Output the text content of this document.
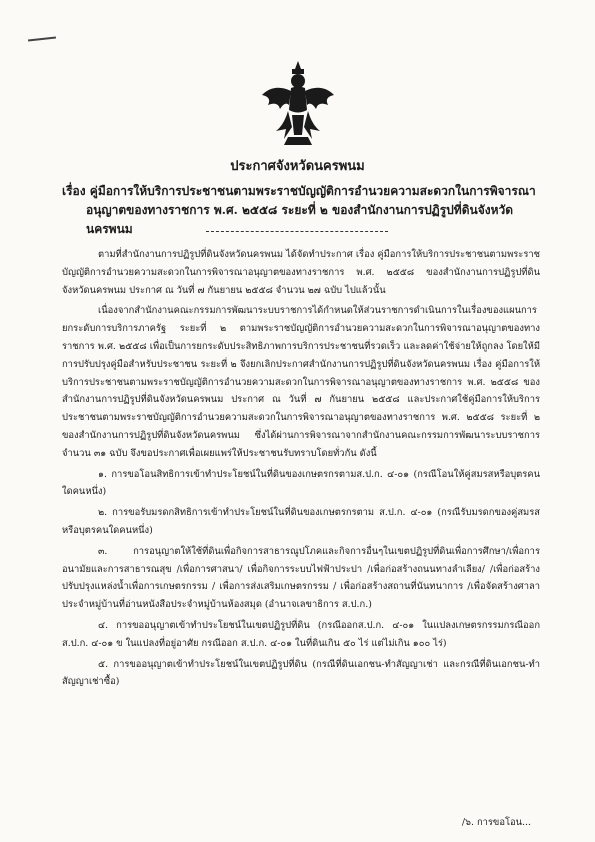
ประกาศจังหวัดนครพนม
เรื่อง คู่มือการให้บริการประชาชนตามพระราชบัญญัติการอำนวยความสะดวกในการพิจารณา
อนุญาตของทางราชการ พ.ศ. ๒๕๕๘ ระยะที่ ๒ ของสำนักงานการปฏิรูปที่ดินจังหวัดนครพนม

ตามที่สำนักงานการปฏิรูปที่ดินจังหวัดนครพนม ได้จัดทำประกาศ เรื่อง คู่มือการให้บริการประชาชนตามพระราชบัญญัติการอำนวยความสะดวกในการพิจารณาอนุญาตของทางราชการ พ.ศ. ๒๕๕๘ ของสำนักงานการปฏิรูปที่ดินจังหวัดนครพนม ประกาศ ณ วันที่ ๗ กันยายน ๒๕๕๘ จำนวน ๒๗ ฉบับ ไปแล้วนั้น

เนื่องจากสำนักงานคณะกรรมการพัฒนาระบบราชการได้กำหนดให้ส่วนราชการดำเนินการในเรื่องของแผนการยกระดับการบริการภาครัฐ ระยะที่ ๒ ตามพระราชบัญญัติการอำนวยความสะดวกในการพิจารณาอนุญาตของทางราชการ พ.ศ. ๒๕๕๘ เพื่อเป็นการยกระดับประสิทธิภาพการบริการประชาชนที่รวดเร็ว และลดค่าใช้จ่ายให้ถูกลง โดยให้มีการปรับปรุงคู่มือสำหรับประชาชน ระยะที่ ๒ จึงยกเลิกประกาศสำนักงานการปฏิรูปที่ดินจังหวัดนครพนม เรื่อง คู่มือการให้บริการประชาชนตามพระราชบัญญัติการอำนวยความสะดวกในการพิจารณาอนุญาตของทางราชการ พ.ศ. ๒๕๕๘ ของสำนักงานการปฏิรูปที่ดินจังหวัดนครพนม ประกาศ ณ วันที่ ๗ กันยายน ๒๕๕๘ และประกาศใช้คู่มือการให้บริการประชาชนตามพระราชบัญญัติการอำนวยความสะดวกในการพิจารณาอนุญาตของทางราชการ พ.ศ. ๒๕๕๘ ระยะที่ ๒ ของสำนักงานการปฏิรูปที่ดินจังหวัดนครพนม ซึ่งได้ผ่านการพิจารณาจากสำนักงานคณะกรรมการพัฒนาระบบราชการ จำนวน ๓๑ ฉบับ จึงขอประกาศเพื่อเผยแพร่ให้ประชาชนรับทราบโดยทั่วกัน ดังนี้

๑. การขอโอนสิทธิการเข้าทำประโยชน์ในที่ดินของเกษตรกรตามส.ป.ก. ๔-๐๑ (กรณีโอนให้คู่สมรสหรือบุตรคนใดคนหนึ่ง)

๒. การขอรับมรดกสิทธิการเข้าทำประโยชน์ในที่ดินของเกษตรกรตาม ส.ป.ก. ๔-๐๑ (กรณีรับมรดกของคู่สมรสหรือบุตรคนใดคนหนึ่ง)

๓. การอนุญาตให้ใช้ที่ดินเพื่อกิจการสาธารณูปโภคและกิจการอื่นๆในเขตปฏิรูปที่ดินเพื่อการศึกษา/เพื่อการอนามัยและการสาธารณสุข /เพื่อการศาสนา/ เพื่อกิจการระบบไฟฟ้าประปา /เพื่อก่อสร้างถนนทางลำเลียง/ /เพื่อก่อสร้างปรับปรุงแหล่งน้ำเพื่อการเกษตรกรรม / เพื่อการส่งเสริมเกษตรกรรม / เพื่อก่อสร้างสถานที่นันทนาการ /เพื่อจัดสร้างศาลาประจำหมู่บ้านที่อ่านหนังสือประจำหมู่บ้านห้องสมุด (อำนาจเลขาธิการ ส.ป.ก.)

๔. การขออนุญาตเข้าทำประโยชน์ในเขตปฏิรูปที่ดิน (กรณีออกส.ป.ก. ๔-๐๑ ในแปลงเกษตรกรรมกรณีออก ส.ป.ก. ๔-๐๑ ข ในแปลงที่อยู่อาศัย กรณีออก ส.ป.ก. ๔-๐๑ ในที่ดินเกิน ๕๐ ไร่ แต่ไม่เกิน ๑๐๐ ไร่)

๕. การขออนุญาตเข้าทำประโยชน์ในเขตปฏิรูปที่ดิน (กรณีที่ดินเอกชน-ทำสัญญาเช่า และกรณีที่ดินเอกชน-ทำสัญญาเช่าซื้อ)

/๖. การขอโอน...
